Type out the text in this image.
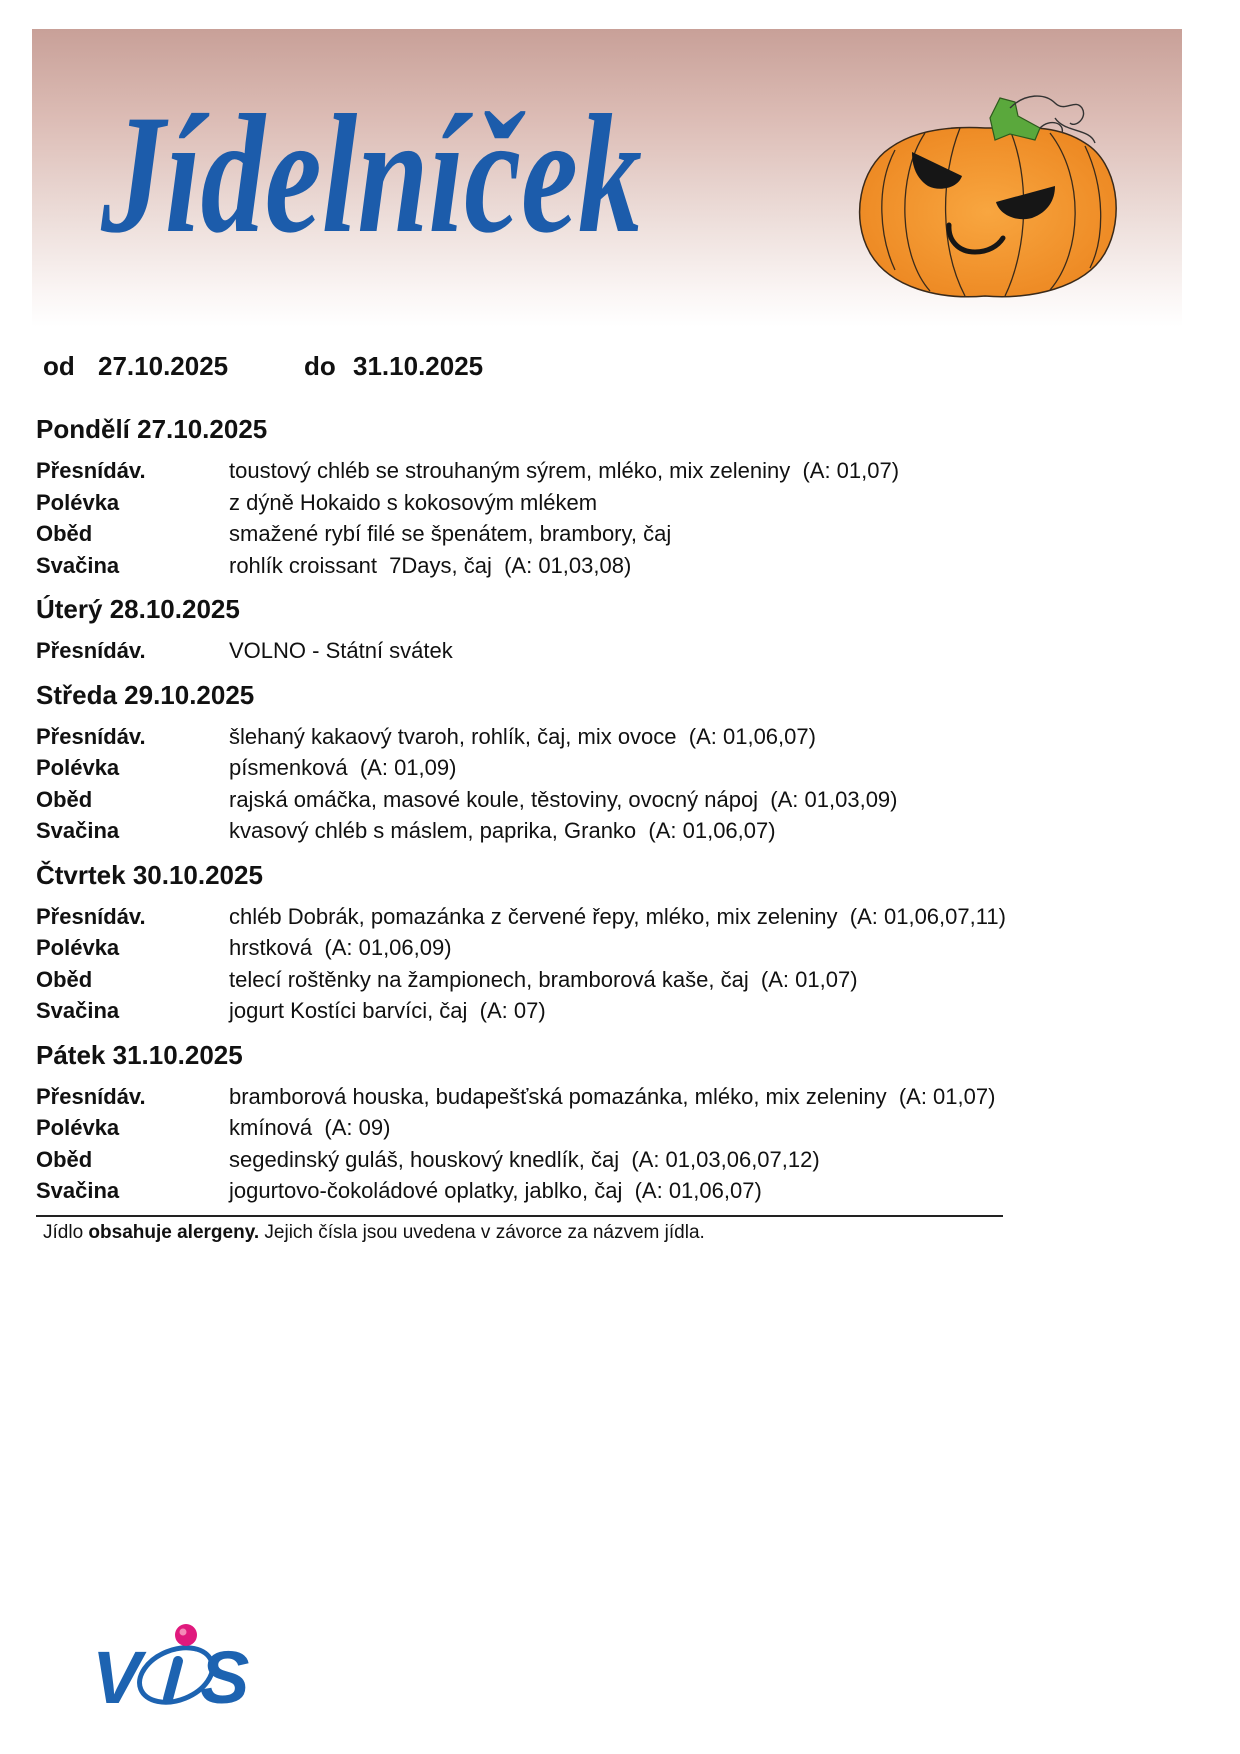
Jídelníček
od 27.10.2025	do 31.10.2025
Pondělí 27.10.2025
Přesnídáv.	toustový chléb se strouhaným sýrem, mléko, mix zeleniny  (A: 01,07)
Polévka	z dýně Hokaido s kokosovým mlékem
Oběd	smažené rybí filé se špenátem, brambory, čaj
Svačina	rohlík croissant  7Days, čaj  (A: 01,03,08)
Úterý 28.10.2025
Přesnídáv.	VOLNO - Státní svátek
Středa 29.10.2025
Přesnídáv.	šlehaný kakaový tvaroh, rohlík, čaj, mix ovoce  (A: 01,06,07)
Polévka	písmenková  (A: 01,09)
Oběd	rajská omáčka, masové koule, těstoviny, ovocný nápoj  (A: 01,03,09)
Svačina	kvasový chléb s máslem, paprika, Granko  (A: 01,06,07)
Čtvrtek 30.10.2025
Přesnídáv.	chléb Dobrák, pomazánka z červené řepy, mléko, mix zeleniny  (A: 01,06,07,11)
Polévka	hrstková  (A: 01,06,09)
Oběd	telecí roštěnky na žampionech, bramborová kaše, čaj  (A: 01,07)
Svačina	jogurt Kostíci barvíci, čaj  (A: 07)
Pátek 31.10.2025
Přesnídáv.	bramborová houska, budapešťská pomazánka, mléko, mix zeleniny  (A: 01,07)
Polévka	kmínová  (A: 09)
Oběd	segedinský guláš, houskový knedlík, čaj  (A: 01,03,06,07,12)
Svačina	jogurtovo-čokoládové oplatky, jablko, čaj  (A: 01,06,07)
Jídlo obsahuje alergeny. Jejich čísla jsou uvedena v závorce za názvem jídla.
V S
